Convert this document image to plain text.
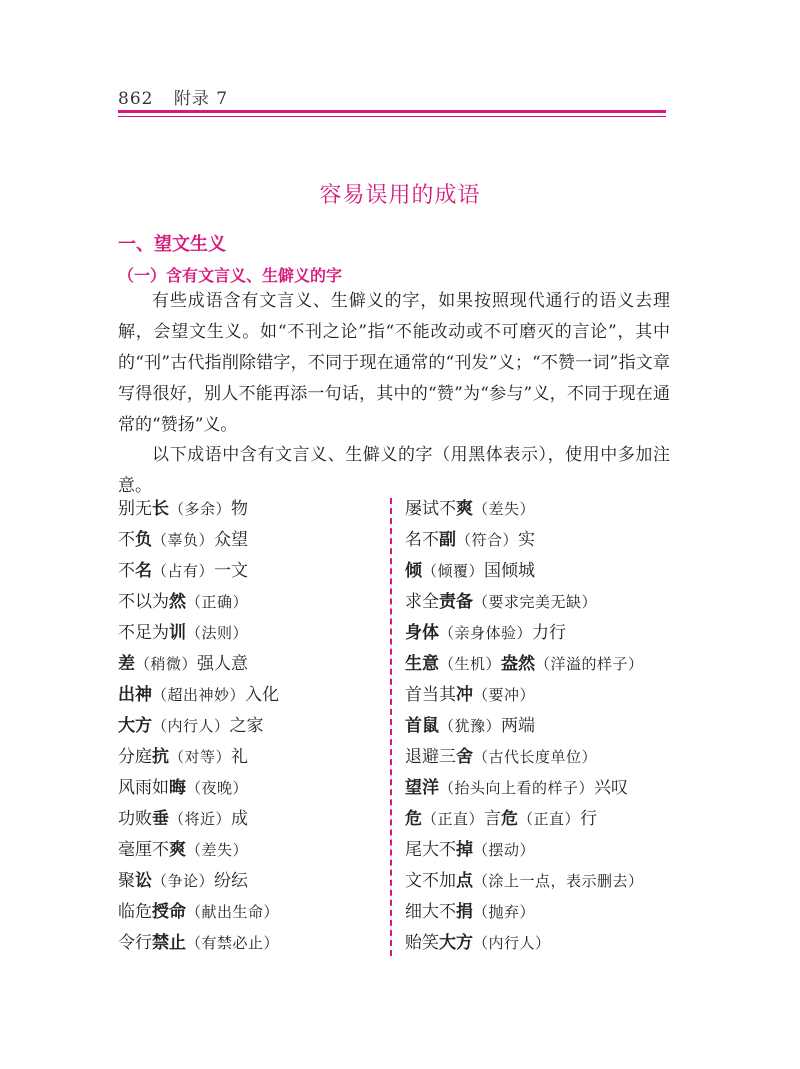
862 附录 7
容易误用的成语
一、望文生义
（一）含有文言义、生僻义的字

有些成语含有文言义、生僻义的字，如果按照现代通行的语义去理解，会望文生义。如“不刊之论”指“不能改动或不可磨灭的言论”，其中的“刊”古代指削除错字，不同于现在通常的“刊发”义；“不赞一词”指文章写得很好，别人不能再添一句话，其中的“赞”为“参与”义，不同于现在通常的“赞扬”义。

以下成语中含有文言义、生僻义的字（用黑体表示），使用中多加注意。

别无长（多余）物
不负（辜负）众望
不名（占有）一文
不以为然（正确）
不足为训（法则）
差（稍微）强人意
出神（超出神妙）入化
大方（内行人）之家
分庭抗（对等）礼
风雨如晦（夜晚）
功败垂（将近）成
毫厘不爽（差失）
聚讼（争论）纷纭
临危授命（献出生命）
令行禁止（有禁必止）
屡试不爽（差失）
名不副（符合）实
倾（倾覆）国倾城
求全责备（要求完美无缺）
身体（亲身体验）力行
生意（生机）盎然（洋溢的样子）
首当其冲（要冲）
首鼠（犹豫）两端
退避三舍（古代长度单位）
望洋（抬头向上看的样子）兴叹
危（正直）言危（正直）行
尾大不掉（摆动）
文不加点（涂上一点，表示删去）
细大不捐（抛弃）
贻笑大方（内行人）
